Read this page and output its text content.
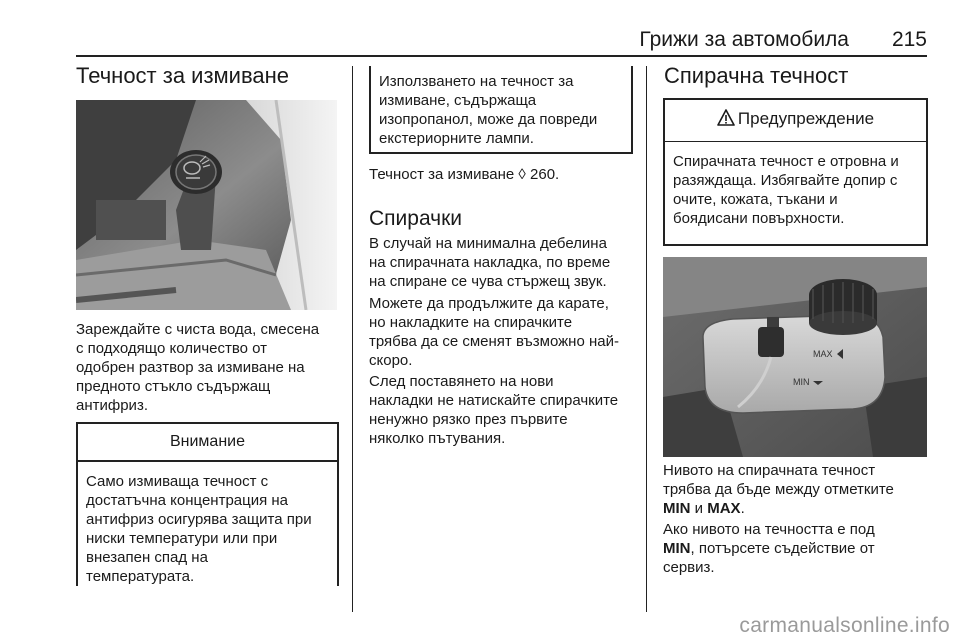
Грижи за автомобила 215
Течност за измиване
Зареждайте с чиста вода, смесена
с подходящо количество от
одобрен разтвор за измиване на
предното стъкло съдържащ
антифриз.
Внимание
Само измиваща течност с
достатъчна концентрация на
антифриз осигурява защита при
ниски температури или при
внезапен спад на
температурата.
Използването на течност за
измиване, съдържаща
изопропанол, може да повреди
екстериорните лампи.
Течност за измиване ◊ 260.
Спирачки
В случай на минимална дебелина
на спирачната накладка, по време
на спиране се чува стържещ звук.
Можете да продължите да карате,
но накладките на спирачките
трябва да се сменят възможно най-
скоро.
След поставянето на нови
накладки не натискайте спирачките
ненужно рязко през първите
няколко пътувания.
Спирачна течност
Предупреждение
Спирачната течност е отровна и
разяждаща. Избягвайте допир с
очите, кожата, тъкани и
боядисани повърхности.
MAX
MIN
Нивото на спирачната течност
трябва да бъде между отметките
MIN и MAX.
Ако нивото на течността е под
MIN, потърсете съдействие от
сервиз.
carmanualsonline.info
